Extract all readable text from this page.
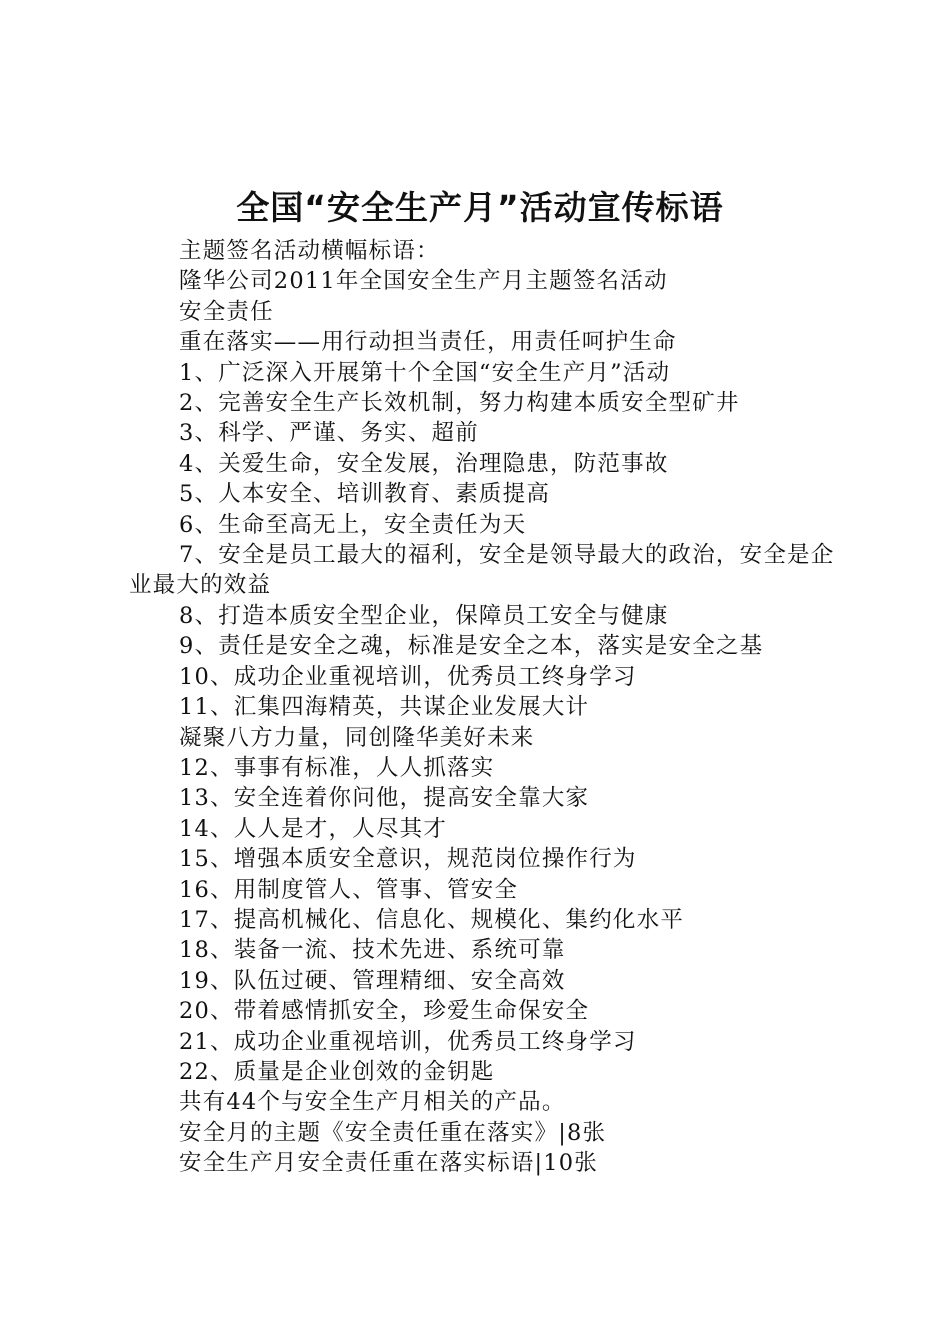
全国“安全生产月”活动宣传标语
主题签名活动横幅标语：
隆华公司2011年全国安全生产月主题签名活动
安全责任
重在落实——用行动担当责任，用责任呵护生命
1、广泛深入开展第十个全国“安全生产月”活动
2、完善安全生产长效机制，努力构建本质安全型矿井
3、科学、严谨、务实、超前
4、关爱生命，安全发展，治理隐患，防范事故
5、人本安全、培训教育、素质提高
6、生命至高无上，安全责任为天
7、安全是员工最大的福利，安全是领导最大的政治，安全是企业最大的效益
8、打造本质安全型企业，保障员工安全与健康
9、责任是安全之魂，标准是安全之本，落实是安全之基
10、成功企业重视培训，优秀员工终身学习
11、汇集四海精英，共谋企业发展大计
凝聚八方力量，同创隆华美好未来
12、事事有标准，人人抓落实
13、安全连着你问他，提高安全靠大家
14、人人是才，人尽其才
15、增强本质安全意识，规范岗位操作行为
16、用制度管人、管事、管安全
17、提高机械化、信息化、规模化、集约化水平
18、装备一流、技术先进、系统可靠
19、队伍过硬、管理精细、安全高效
20、带着感情抓安全，珍爱生命保安全
21、成功企业重视培训，优秀员工终身学习
22、质量是企业创效的金钥匙
共有44个与安全生产月相关的产品。
安全月的主题《安全责任重在落实》|8张
安全生产月安全责任重在落实标语|10张
